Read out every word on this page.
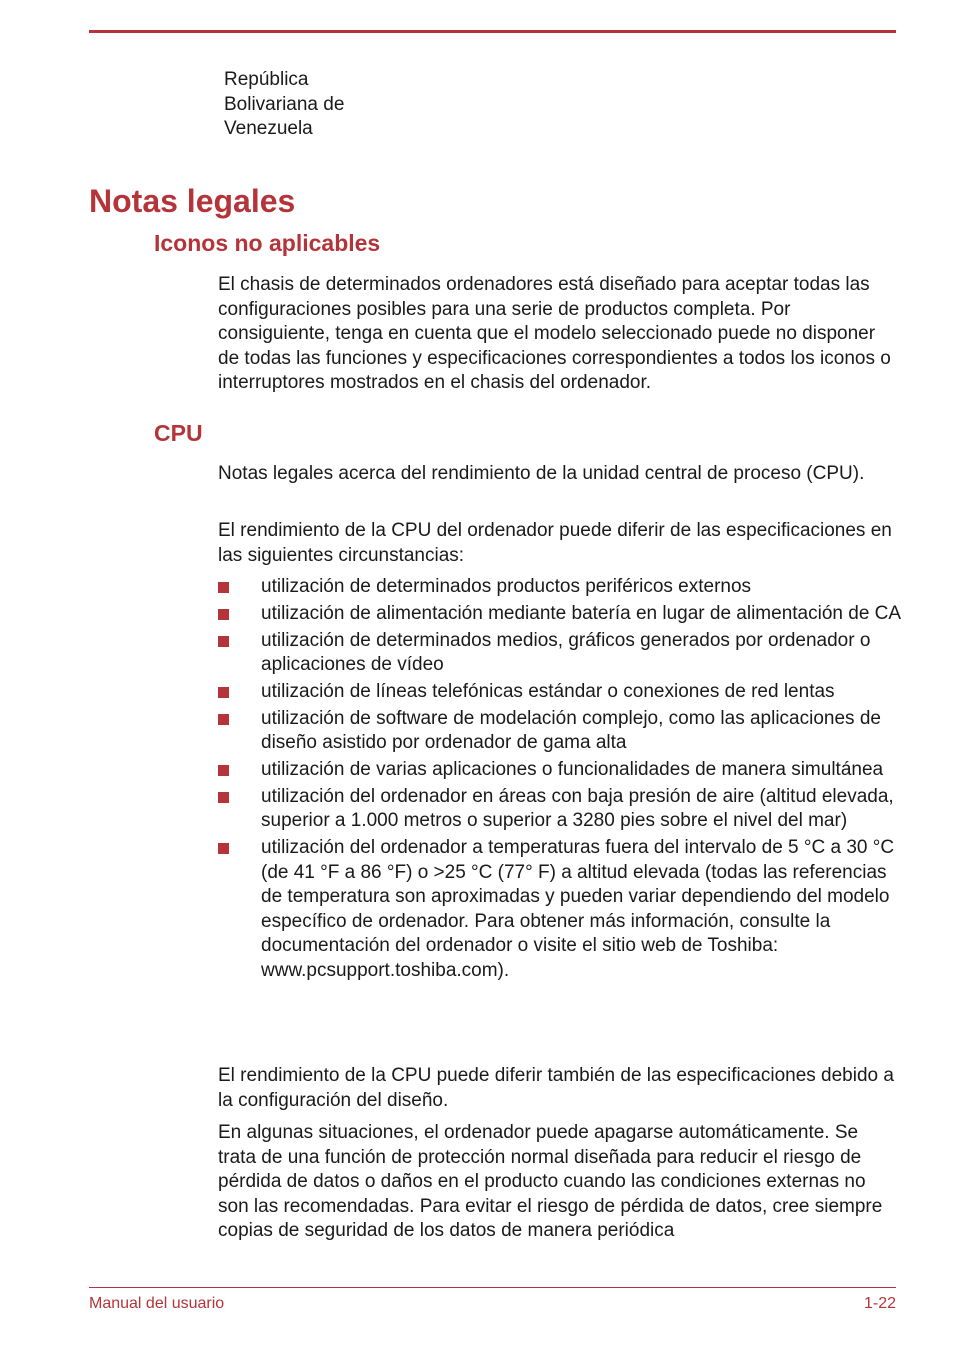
República
Bolivariana de
Venezuela
Notas legales
Iconos no aplicables

El chasis de determinados ordenadores está diseñado para aceptar todas las configuraciones posibles para una serie de productos completa. Por consiguiente, tenga en cuenta que el modelo seleccionado puede no disponer de todas las funciones y especificaciones correspondientes a todos los iconos o interruptores mostrados en el chasis del ordenador.

CPU

Notas legales acerca del rendimiento de la unidad central de proceso (CPU).

El rendimiento de la CPU del ordenador puede diferir de las especificaciones en las siguientes circunstancias:

utilización de determinados productos periféricos externos
utilización de alimentación mediante batería en lugar de alimentación de CA
utilización de determinados medios, gráficos generados por ordenador o aplicaciones de vídeo
utilización de líneas telefónicas estándar o conexiones de red lentas
utilización de software de modelación complejo, como las aplicaciones de diseño asistido por ordenador de gama alta
utilización de varias aplicaciones o funcionalidades de manera simultánea
utilización del ordenador en áreas con baja presión de aire (altitud elevada, superior a 1.000 metros o superior a 3280 pies sobre el nivel del mar)
utilización del ordenador a temperaturas fuera del intervalo de 5 °C a 30 °C (de 41 °F a 86 °F) o >25 °C (77° F) a altitud elevada (todas las referencias de temperatura son aproximadas y pueden variar dependiendo del modelo específico de ordenador. Para obtener más información, consulte la documentación del ordenador o visite el sitio web de Toshiba: www.pcsupport.toshiba.com).

El rendimiento de la CPU puede diferir también de las especificaciones debido a la configuración del diseño.

En algunas situaciones, el ordenador puede apagarse automáticamente. Se trata de una función de protección normal diseñada para reducir el riesgo de pérdida de datos o daños en el producto cuando las condiciones externas no son las recomendadas. Para evitar el riesgo de pérdida de datos, cree siempre copias de seguridad de los datos de manera periódica

Manual del usuario	1-22
